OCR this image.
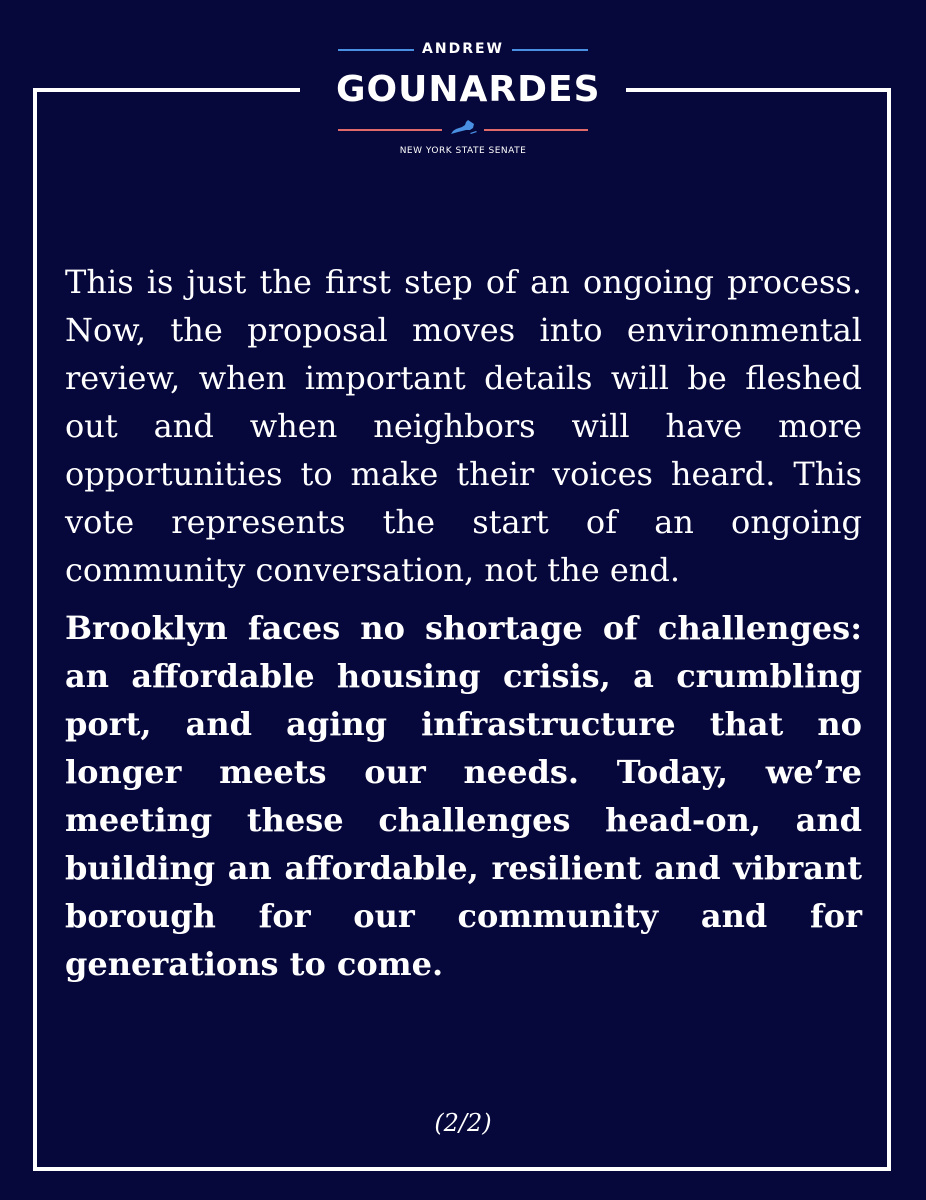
ANDREW
GOUNARDES
NEW YORK STATE SENATE

This is just the first step of an ongoing process. Now, the proposal moves into environmental review, when important details will be fleshed out and when neighbors will have more opportunities to make their voices heard. This vote represents the start of an ongoing community conversation, not the end.

Brooklyn faces no shortage of challenges: an affordable housing crisis, a crumbling port, and aging infrastructure that no longer meets our needs. Today, we’re meeting these challenges head-on, and building an affordable, resilient and vibrant borough for our community and for generations to come.

(2/2)
